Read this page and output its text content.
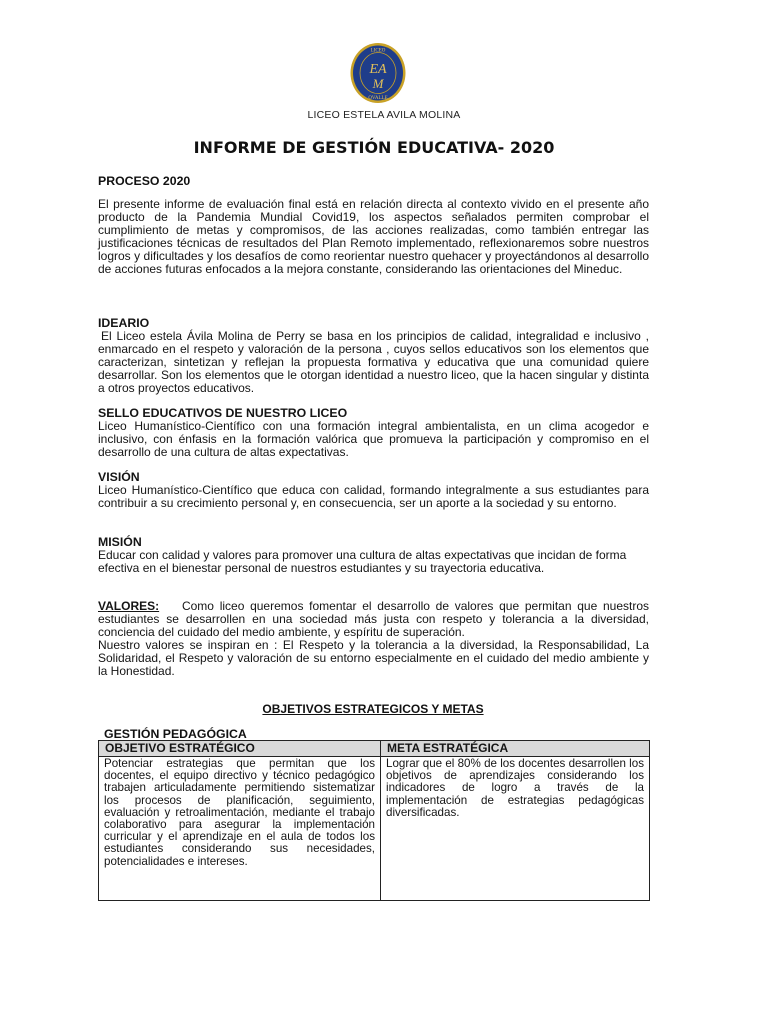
LICEO
EA
M
OVALLE
LICEO ESTELA AVILA MOLINA
INFORME DE GESTIÓN EDUCATIVA- 2020
PROCESO 2020

El presente informe de evaluación final está en relación directa al contexto vivido en el presente año producto de la Pandemia Mundial Covid19, los aspectos señalados permiten comprobar el cumplimiento de metas y compromisos, de las acciones realizadas, como también entregar las justificaciones técnicas de resultados del Plan Remoto implementado, reflexionaremos sobre nuestros logros y dificultades y los desafíos de como reorientar nuestro quehacer y proyectándonos al desarrollo de acciones futuras enfocados a la mejora constante, considerando las orientaciones del Mineduc.

IDEARIO

El Liceo estela Ávila Molina de Perry se basa en los principios de calidad, integralidad e inclusivo , enmarcado en el respeto y valoración de la persona , cuyos sellos educativos son los elementos que caracterizan, sintetizan y reflejan la propuesta formativa y educativa que una comunidad quiere desarrollar. Son los elementos que le otorgan identidad a nuestro liceo, que la hacen singular y distinta a otros proyectos educativos.

SELLO EDUCATIVOS DE NUESTRO LICEO

Liceo Humanístico-Científico con una formación integral ambientalista, en un clima acogedor e inclusivo, con énfasis en la formación valórica que promueva la participación y compromiso en el desarrollo de una cultura de altas expectativas.

VISIÓN

Liceo Humanístico-Científico que educa con calidad, formando integralmente a sus estudiantes para contribuir a su crecimiento personal y, en consecuencia, ser un aporte a la sociedad y su entorno.

MISIÓN

Educar con calidad y valores para promover una cultura de altas expectativas que incidan de forma efectiva en el bienestar personal de nuestros estudiantes y su trayectoria educativa.

VALORES: Como liceo queremos fomentar el desarrollo de valores que permitan que nuestros estudiantes se desarrollen en una sociedad más justa con respeto y tolerancia a la diversidad, conciencia del cuidado del medio ambiente, y espíritu de superación.

Nuestro valores se inspiran en : El Respeto y la tolerancia a la diversidad, la Responsabilidad, La Solidaridad, el Respeto y valoración de su entorno especialmente en el cuidado del medio ambiente y la Honestidad.

OBJETIVOS ESTRATEGICOS Y METAS
GESTIÓN PEDAGÓGICA
OBJETIVO ESTRATÉGICO	META ESTRATÉGICA
Potenciar estrategias que permitan que los docentes, el equipo directivo y técnico pedagógico trabajen articuladamente permitiendo sistematizar los procesos de planificación, seguimiento, evaluación y retroalimentación, mediante el trabajo colaborativo para asegurar la implementación curricular y el aprendizaje en el aula de todos los estudiantes considerando sus necesidades, potencialidades e intereses.	Lograr que el 80% de los docentes desarrollen los objetivos de aprendizajes considerando los indicadores de logro a través de la implementación de estrategias pedagógicas diversificadas.
